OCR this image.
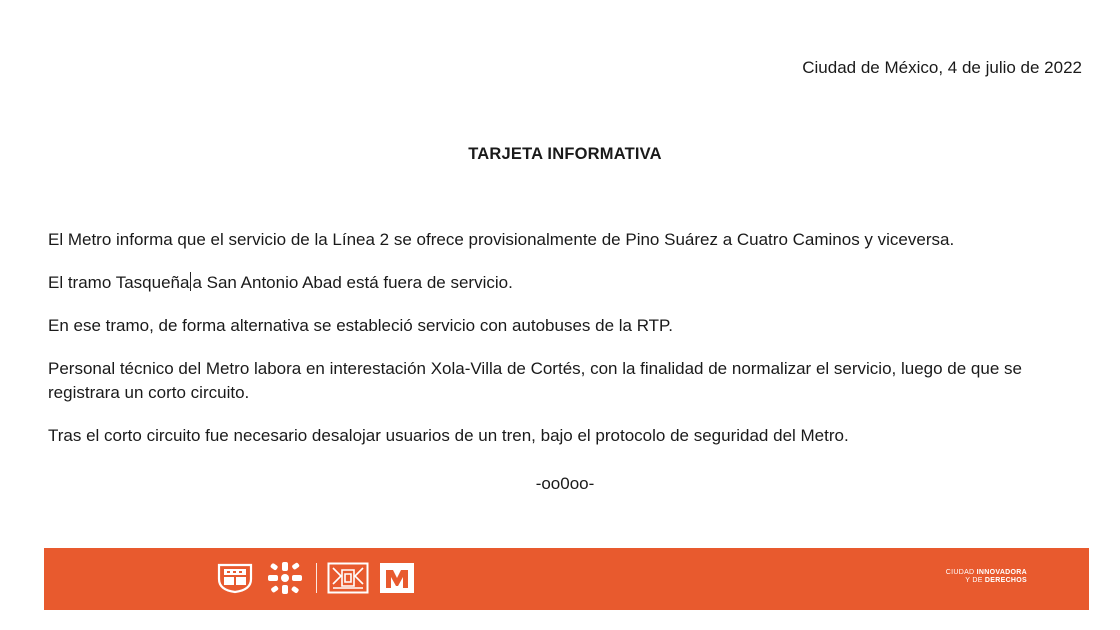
Ciudad de México, 4 de julio de 2022
TARJETA INFORMATIVA

El Metro informa que el servicio de la Línea 2 se ofrece provisionalmente de Pino Suárez a Cuatro Caminos y viceversa.

El tramo Tasqueña a San Antonio Abad está fuera de servicio.

En ese tramo, de forma alternativa se estableció servicio con autobuses de la RTP.

Personal técnico del Metro labora en interestación Xola-Villa de Cortés, con la finalidad de normalizar el servicio, luego de que se registrara un corto circuito.

Tras el corto circuito fue necesario desalojar usuarios de un tren, bajo el protocolo de seguridad del Metro.

-oo0oo-
CIUDAD INNOVADORA
Y DE DERECHOS
